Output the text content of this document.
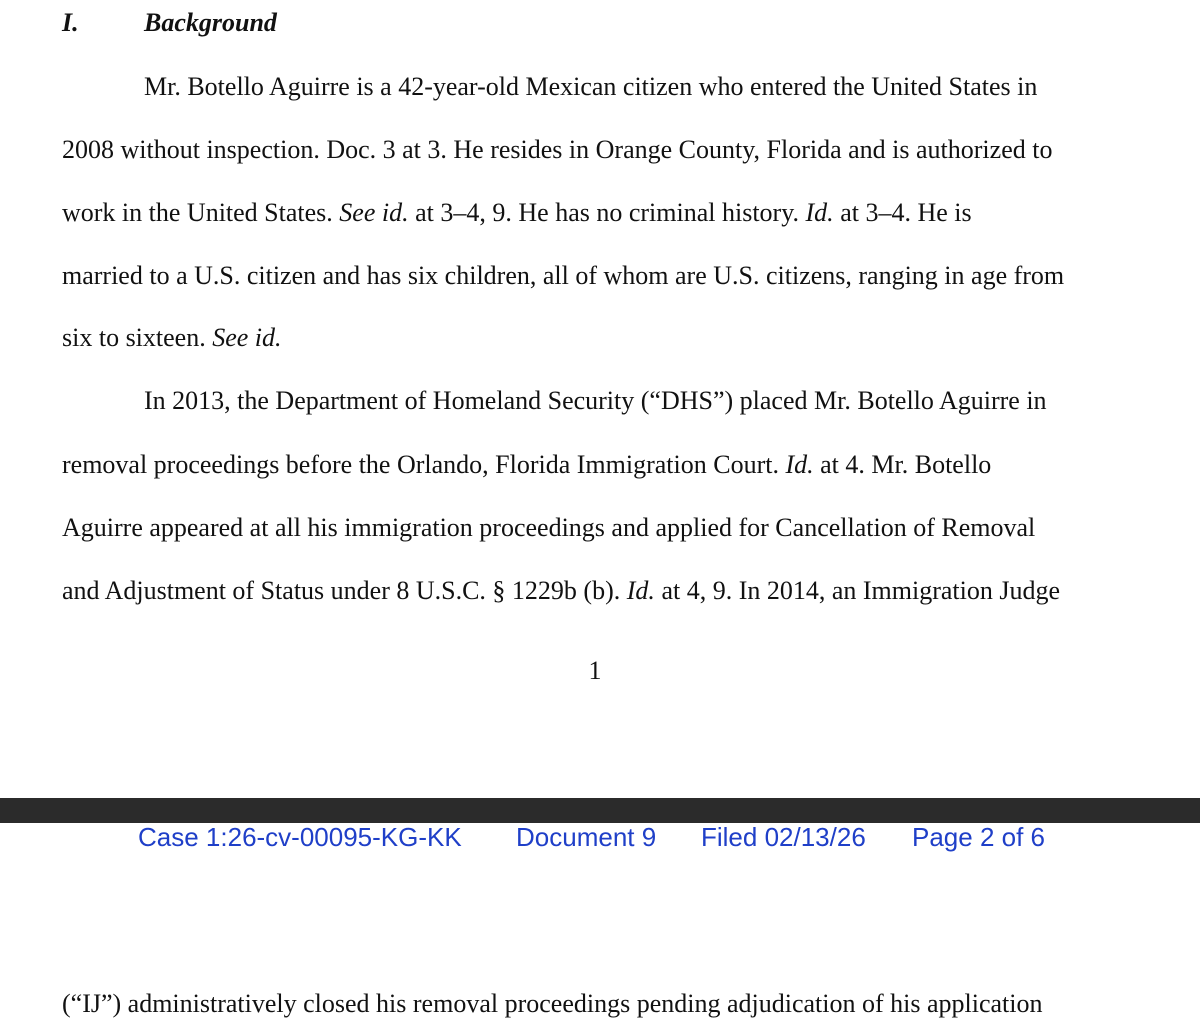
I.	Background
Mr. Botello Aguirre is a 42-year-old Mexican citizen who entered the United States in
2008 without inspection. Doc. 3 at 3. He resides in Orange County, Florida and is authorized to
work in the United States. See id. at 3–4, 9. He has no criminal history. Id. at 3–4. He is
married to a U.S. citizen and has six children, all of whom are U.S. citizens, ranging in age from
six to sixteen. See id.
In 2013, the Department of Homeland Security (“DHS”) placed Mr. Botello Aguirre in
removal proceedings before the Orlando, Florida Immigration Court. Id. at 4. Mr. Botello
Aguirre appeared at all his immigration proceedings and applied for Cancellation of Removal
and Adjustment of Status under 8 U.S.C. § 1229b (b). Id. at 4, 9. In 2014, an Immigration Judge
1
Case 1:26-cv-00095-KG-KK Document 9 Filed 02/13/26 Page 2 of 6
(“IJ”) administratively closed his removal proceedings pending adjudication of his application
